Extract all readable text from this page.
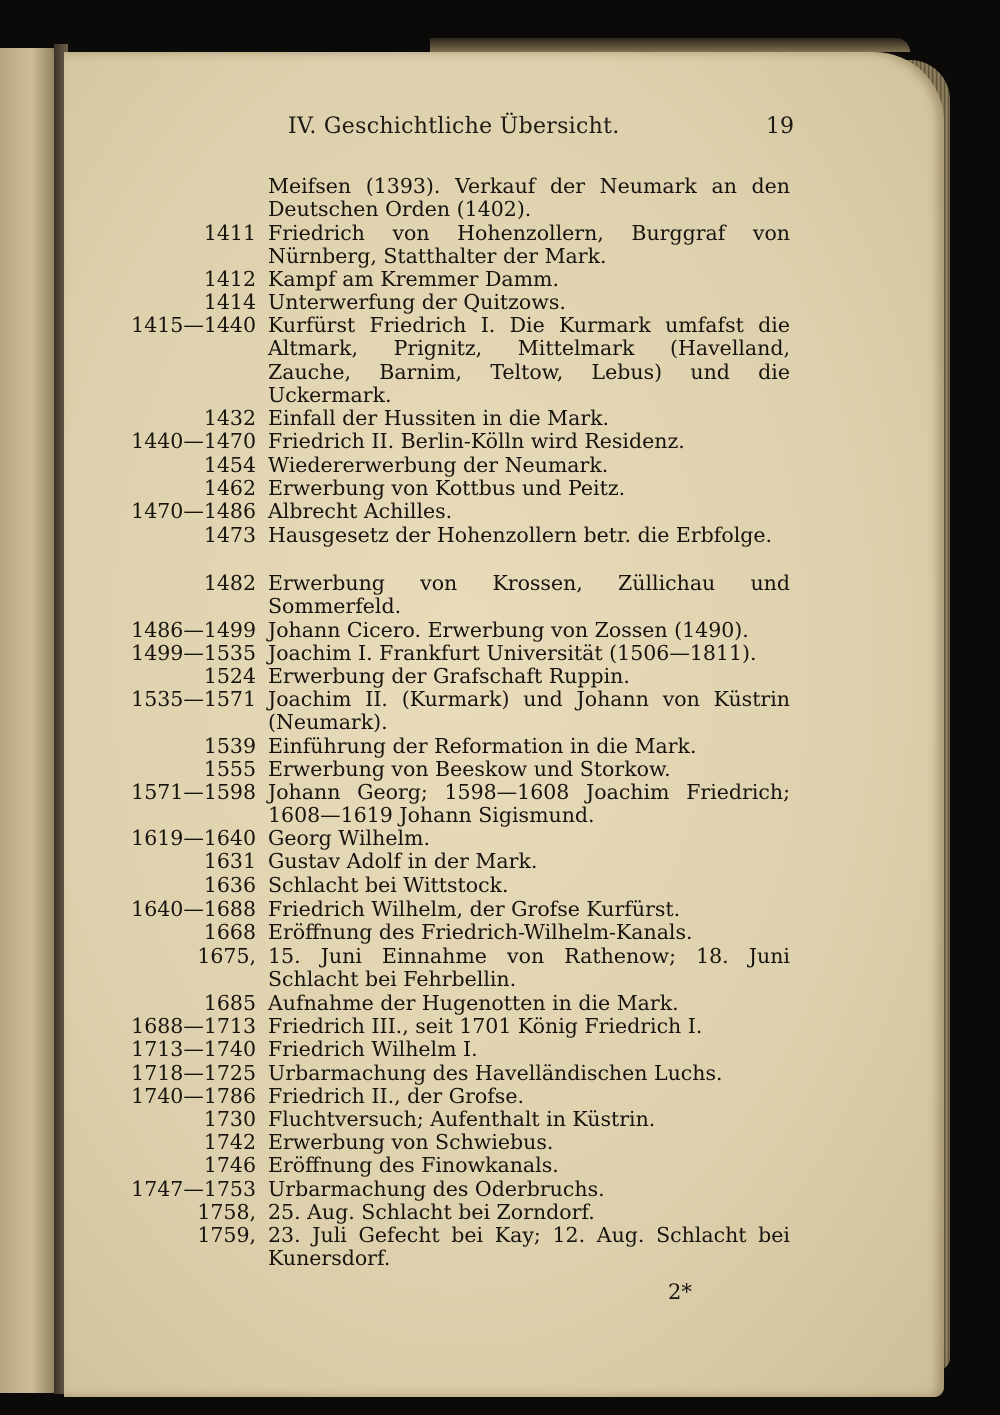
IV. Geschichtliche Übersicht.	19
Meifsen (1393). Verkauf der Neumark an den Deutschen Orden (1402).
1411 Friedrich von Hohenzollern, Burggraf von Nürnberg, Statthalter der Mark.
1412 Kampf am Kremmer Damm.
1414 Unterwerfung der Quitzows.
1415—1440 Kurfürst Friedrich I. Die Kurmark umfafst die Altmark, Prignitz, Mittelmark (Havelland, Zauche, Barnim, Teltow, Lebus) und die Uckermark.
1432 Einfall der Hussiten in die Mark.
1440—1470 Friedrich II. Berlin-Kölln wird Residenz.
1454 Wiedererwerbung der Neumark.
1462 Erwerbung von Kottbus und Peitz.
1470—1486 Albrecht Achilles.
1473 Hausgesetz der Hohenzollern betr. die Erbfolge.
1482 Erwerbung von Krossen, Züllichau und Sommerfeld.
1486—1499 Johann Cicero. Erwerbung von Zossen (1490).
1499—1535 Joachim I. Frankfurt Universität (1506—1811).
1524 Erwerbung der Grafschaft Ruppin.
1535—1571 Joachim II. (Kurmark) und Johann von Küstrin (Neumark).
1539 Einführung der Reformation in die Mark.
1555 Erwerbung von Beeskow und Storkow.
1571—1598 Johann Georg; 1598—1608 Joachim Friedrich; 1608—1619 Johann Sigismund.
1619—1640 Georg Wilhelm.
1631 Gustav Adolf in der Mark.
1636 Schlacht bei Wittstock.
1640—1688 Friedrich Wilhelm, der Grofse Kurfürst.
1668 Eröffnung des Friedrich-Wilhelm-Kanals.
1675, 15. Juni Einnahme von Rathenow; 18. Juni Schlacht bei Fehrbellin.
1685 Aufnahme der Hugenotten in die Mark.
1688—1713 Friedrich III., seit 1701 König Friedrich I.
1713—1740 Friedrich Wilhelm I.
1718—1725 Urbarmachung des Havelländischen Luchs.
1740—1786 Friedrich II., der Grofse.
1730 Fluchtversuch; Aufenthalt in Küstrin.
1742 Erwerbung von Schwiebus.
1746 Eröffnung des Finowkanals.
1747—1753 Urbarmachung des Oderbruchs.
1758, 25. Aug. Schlacht bei Zorndorf.
1759, 23. Juli Gefecht bei Kay; 12. Aug. Schlacht bei Kunersdorf.
2*
